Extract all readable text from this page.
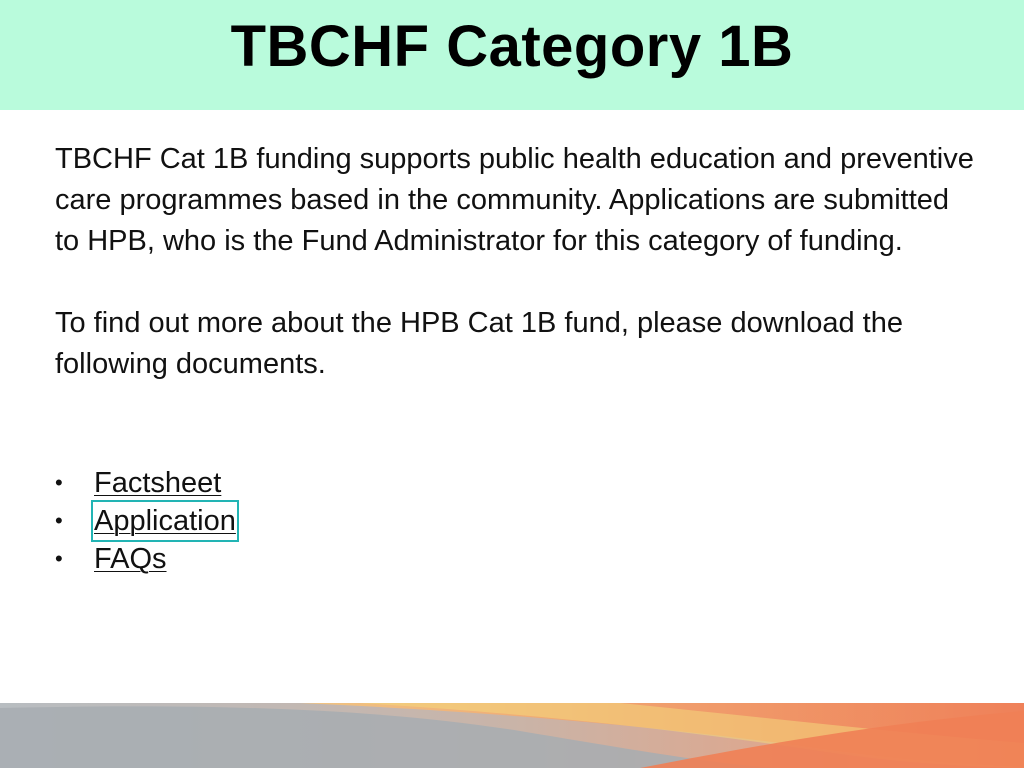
TBCHF Category 1B

TBCHF Cat 1B funding supports public health education and preventive care programmes based in the community. Applications are submitted to HPB, who is the Fund Administrator for this category of funding.

To find out more about the HPB Cat 1B fund, please download the following documents.

•	Factsheet
•	Application
•	FAQs
